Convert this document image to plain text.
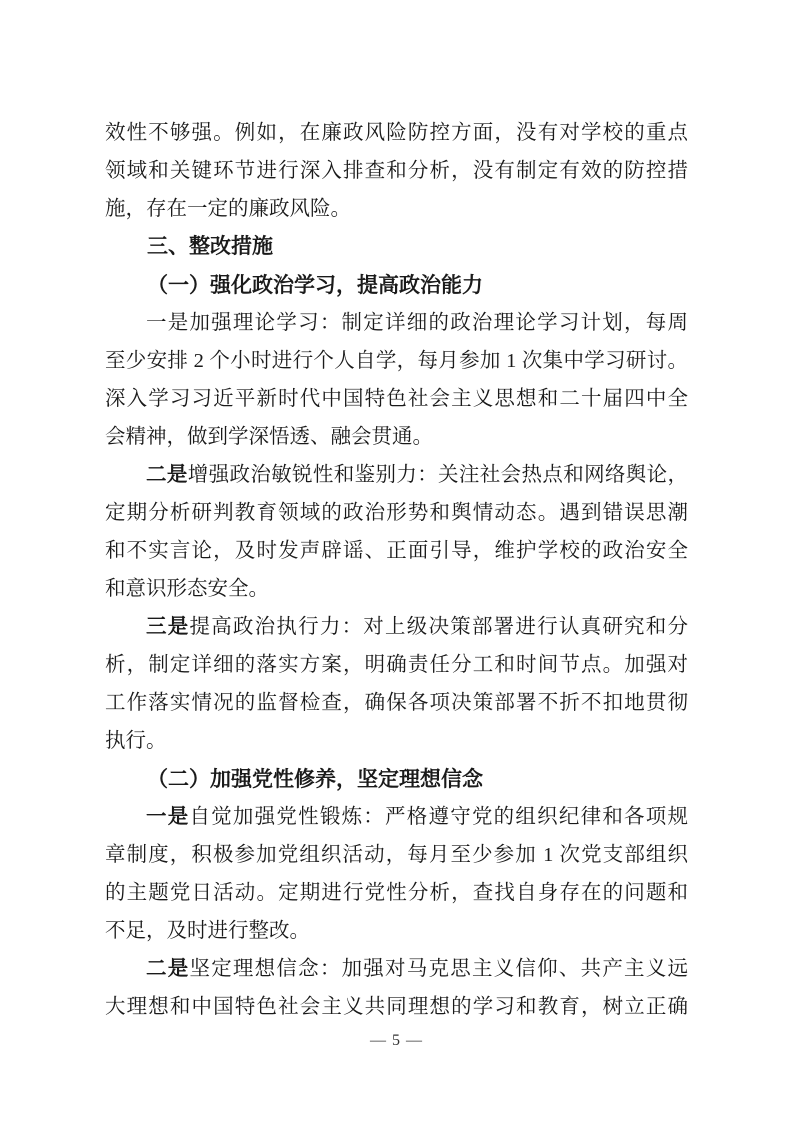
效性不够强。例如，在廉政风险防控方面，没有对学校的重点
领域和关键环节进行深入排查和分析，没有制定有效的防控措
施，存在一定的廉政风险。
三、整改措施
（一）强化政治学习，提高政治能力
一是加强理论学习：制定详细的政治理论学习计划，每周
至少安排 2 个小时进行个人自学，每月参加 1 次集中学习研讨。
深入学习习近平新时代中国特色社会主义思想和二十届四中全
会精神，做到学深悟透、融会贯通。
二是增强政治敏锐性和鉴别力：关注社会热点和网络舆论，
定期分析研判教育领域的政治形势和舆情动态。遇到错误思潮
和不实言论，及时发声辟谣、正面引导，维护学校的政治安全
和意识形态安全。
三是提高政治执行力：对上级决策部署进行认真研究和分
析，制定详细的落实方案，明确责任分工和时间节点。加强对
工作落实情况的监督检查，确保各项决策部署不折不扣地贯彻
执行。
（二）加强党性修养，坚定理想信念
一是自觉加强党性锻炼：严格遵守党的组织纪律和各项规
章制度，积极参加党组织活动，每月至少参加 1 次党支部组织
的主题党日活动。定期进行党性分析，查找自身存在的问题和
不足，及时进行整改。
二是坚定理想信念：加强对马克思主义信仰、共产主义远
大理想和中国特色社会主义共同理想的学习和教育，树立正确
— 5 —
